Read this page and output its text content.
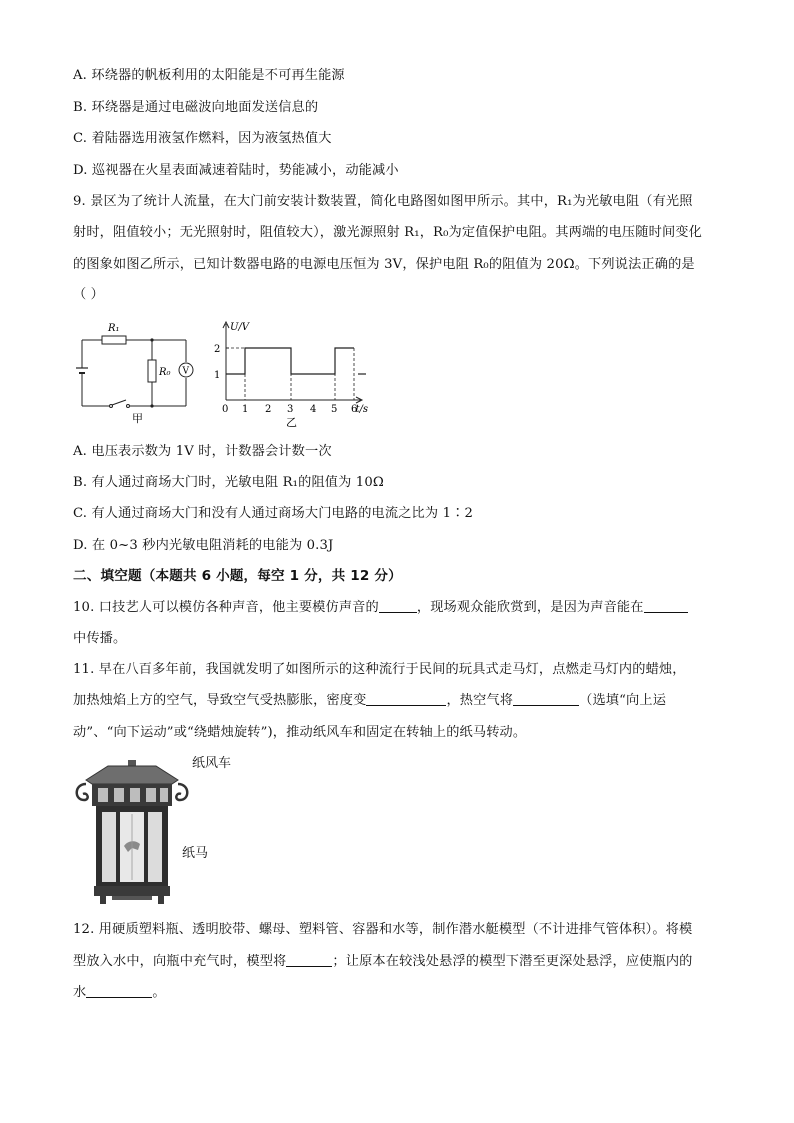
A. 环绕器的帆板利用的太阳能是不可再生能源
B. 环绕器是通过电磁波向地面发送信息的
C. 着陆器选用液氢作燃料，因为液氢热值大
D. 巡视器在火星表面减速着陆时，势能减小，动能减小
9. 景区为了统计人流量，在大门前安装计数装置，简化电路图如图甲所示。其中，R₁为光敏电阻（有光照
射时，阻值较小；无光照射时，阻值较大），激光源照射 R₁，R₀为定值保护电阻。其两端的电压随时间变化
的图象如图乙所示，已知计数器电路的电源电压恒为 3V，保护电阻 R₀的阻值为 20Ω。下列说法正确的是
（ ）
R₁
R₀ V
甲
U/V
2
1
0 1 2 3 4 5 6
t/s
乙
A. 电压表示数为 1V 时，计数器会计数一次
B. 有人通过商场大门时，光敏电阻 R₁的阻值为 10Ω
C. 有人通过商场大门和没有人通过商场大门电路的电流之比为 1∶2
D. 在 0~3 秒内光敏电阻消耗的电能为 0.3J
二、填空题（本题共 6 小题，每空 1 分，共 12 分）
10. 口技艺人可以模仿各种声音，他主要模仿声音的	，现场观众能欣赏到，是因为声音能在
中传播。
11. 早在八百多年前，我国就发明了如图所示的这种流行于民间的玩具式走马灯，点燃走马灯内的蜡烛，
加热烛焰上方的空气，导致空气受热膨胀，密度变	，热空气将	（选填“向上运
动”、“向下运动”或“绕蜡烛旋转”)，推动纸风车和固定在转轴上的纸马转动。
纸风车
纸马
12. 用硬质塑料瓶、透明胶带、螺母、塑料管、容器和水等，制作潜水艇模型（不计进排气管体积）。将模
型放入水中，向瓶中充气时，模型将	；让原本在较浅处悬浮的模型下潜至更深处悬浮，应使瓶内的
水	。
